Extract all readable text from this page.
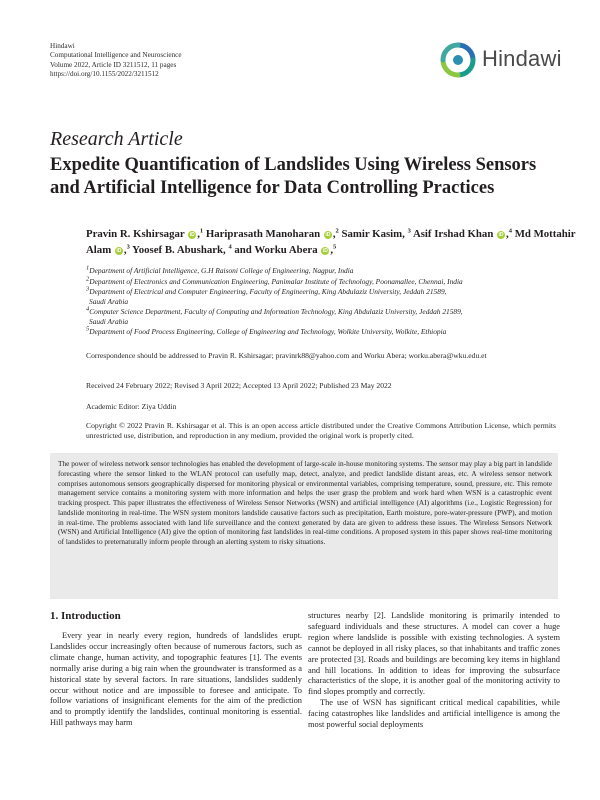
Hindawi
Computational Intelligence and Neuroscience
Volume 2022, Article ID 3211512, 11 pages
https://doi.org/10.1155/2022/3211512
Hindawi
Research Article
Expedite Quantification of Landslides Using Wireless Sensors and Artificial Intelligence for Data Controlling Practices
Pravin R. Kshirsagar iD ,$^1$ Hariprasath Manoharan iD ,$^2$ Samir Kasim, $^3$ Asif Irshad Khan iD ,$^4$ Md Mottahir Alam iD ,$^3$ Yoosef B. Abushark, $^4$ and Worku Abera iD ,$^5$
$^1$Department of Artificial Intelligence, G.H Raisoni College of Engineering, Nagpur, India
$^2$Department of Electronics and Communication Engineering, Panimalar Institute of Technology, Poonamallee, Chennai, India
$^3$Department of Electrical and Computer Engineering, Faculty of Engineering, King Abdulaziz University, Jeddah 21589,
Saudi Arabia
$^4$Computer Science Department, Faculty of Computing and Information Technology, King Abdulaziz University, Jeddah 21589,
Saudi Arabia
$^5$Department of Food Process Engineering, College of Engineering and Technology, Wolkite University, Wolkite, Ethiopia
Correspondence should be addressed to Pravin R. Kshirsagar; pravinrk88@yahoo.com and Worku Abera; worku.abera@wku.edu.et
Received 24 February 2022; Revised 3 April 2022; Accepted 13 April 2022; Published 23 May 2022
Academic Editor: Ziya Uddin
Copyright © 2022 Pravin R. Kshirsagar et al. This is an open access article distributed under the Creative Commons Attribution License, which permits unrestricted use, distribution, and reproduction in any medium, provided the original work is properly cited.
The power of wireless network sensor technologies has enabled the development of large-scale in-house monitoring systems. The sensor may play a big part in landslide forecasting where the sensor linked to the WLAN protocol can usefully map, detect, analyze, and predict landslide distant areas, etc. A wireless sensor network comprises autonomous sensors geographically dispersed for monitoring physical or environmental variables, comprising temperature, sound, pressure, etc. This remote management service contains a monitoring system with more information and helps the user grasp the problem and work hard when WSN is a catastrophic event tracking prospect. This paper illustrates the effectiveness of Wireless Sensor Networks (WSN) and artificial intelligence (AI) algorithms (i.e., Logistic Regression) for landslide monitoring in real-time. The WSN system monitors landslide causative factors such as precipitation, Earth moisture, pore-water-pressure (PWP), and motion in real-time. The problems associated with land life surveillance and the context generated by data are given to address these issues. The Wireless Sensors Network (WSN) and Artificial Intelligence (AI) give the option of monitoring fast landslides in real-time conditions. A proposed system in this paper shows real-time monitoring of landslides to preternaturally inform people through an alerting system to risky situations.
1. Introduction

Every year in nearly every region, hundreds of landslides erupt. Landslides occur increasingly often because of numerous factors, such as climate change, human activity, and topographic features [1]. The events normally arise during a big rain when the groundwater is transformed as a historical state by several factors. In rare situations, landslides suddenly occur without notice and are impossible to foresee and anticipate. To follow variations of insignificant elements for the aim of the prediction and to promptly identify the landslides, continual monitoring is essential. Hill pathways may harm

structures nearby [2]. Landslide monitoring is primarily intended to safeguard individuals and these structures. A model can cover a huge region where landslide is possible with existing technologies. A system cannot be deployed in all risky places, so that inhabitants and traffic zones are protected [3]. Roads and buildings are becoming key items in highland and hill locations. In addition to ideas for improving the subsurface characteristics of the slope, it is another goal of the monitoring activity to find slopes promptly and correctly.

The use of WSN has significant critical medical capabilities, while facing catastrophes like landslides and artificial intelligence is among the most powerful social deployments
